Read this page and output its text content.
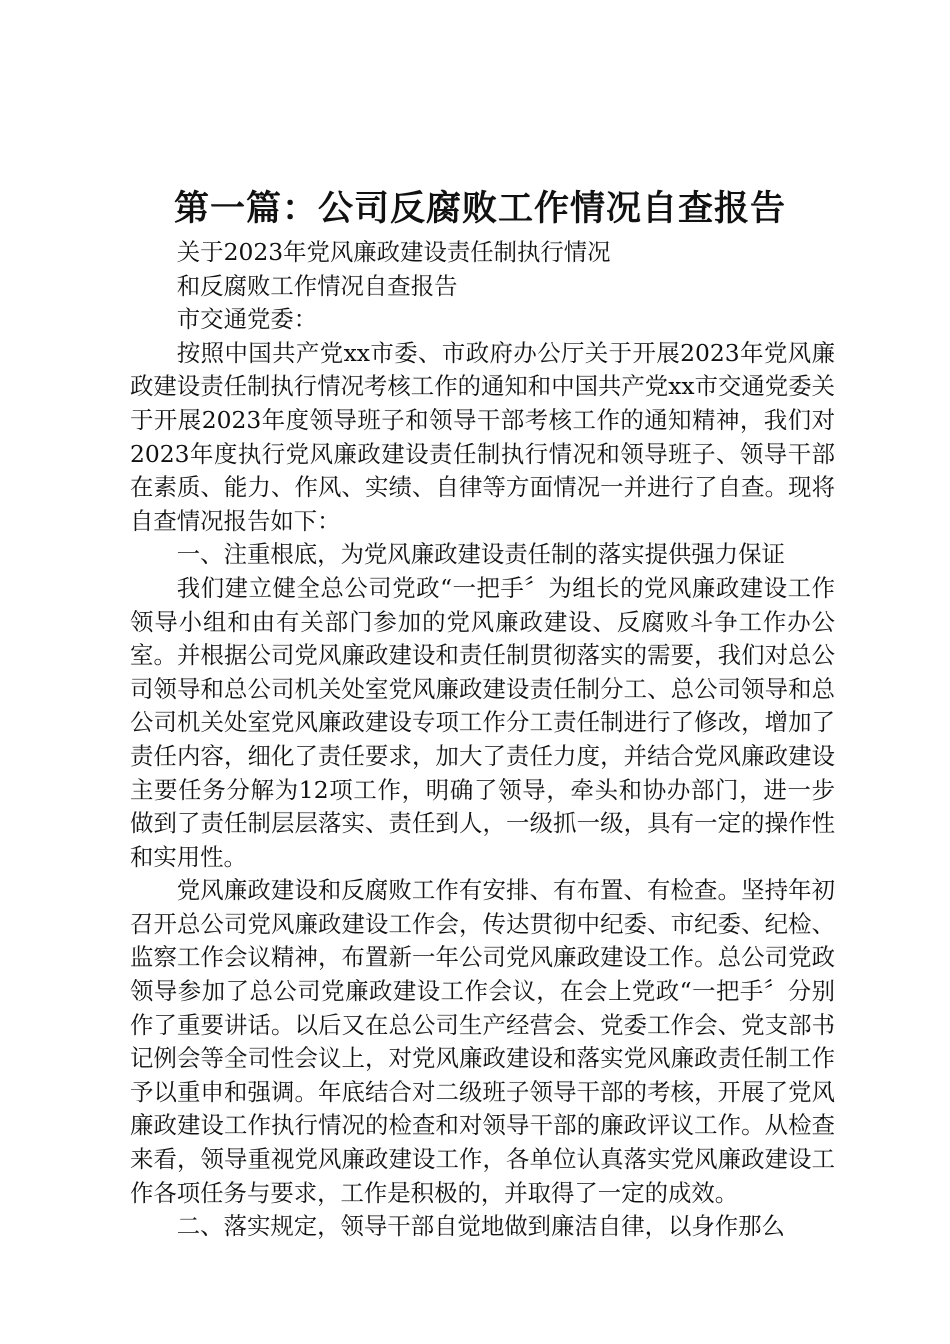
第一篇：公司反腐败工作情况自查报告

关于2023年党风廉政建设责任制执行情况

和反腐败工作情况自查报告

市交通党委：

按照中国共产党xx市委、市政府办公厅关于开展2023年党风廉政建设责任制执行情况考核工作的通知和中国共产党xx市交通党委关于开展2023年度领导班子和领导干部考核工作的通知精神，我们对2023年度执行党风廉政建设责任制执行情况和领导班子、领导干部在素质、能力、作风、实绩、自律等方面情况一并进行了自查。现将自查情况报告如下：

一、注重根底，为党风廉政建设责任制的落实提供强力保证

我们建立健全总公司党政“一把手〞为组长的党风廉政建设工作领导小组和由有关部门参加的党风廉政建设、反腐败斗争工作办公室。并根据公司党风廉政建设和责任制贯彻落实的需要，我们对总公司领导和总公司机关处室党风廉政建设责任制分工、总公司领导和总公司机关处室党风廉政建设专项工作分工责任制进行了修改，增加了责任内容，细化了责任要求，加大了责任力度，并结合党风廉政建设主要任务分解为12项工作，明确了领导，牵头和协办部门，进一步做到了责任制层层落实、责任到人，一级抓一级，具有一定的操作性和实用性。

党风廉政建设和反腐败工作有安排、有布置、有检查。坚持年初召开总公司党风廉政建设工作会，传达贯彻中纪委、市纪委、纪检、监察工作会议精神，布置新一年公司党风廉政建设工作。总公司党政领导参加了总公司党廉政建设工作会议，在会上党政“一把手〞分别作了重要讲话。以后又在总公司生产经营会、党委工作会、党支部书记例会等全司性会议上，对党风廉政建设和落实党风廉政责任制工作予以重申和强调。年底结合对二级班子领导干部的考核，开展了党风廉政建设工作执行情况的检查和对领导干部的廉政评议工作。从检查来看，领导重视党风廉政建设工作，各单位认真落实党风廉政建设工作各项任务与要求，工作是积极的，并取得了一定的成效。

二、落实规定，领导干部自觉地做到廉洁自律，以身作那么
